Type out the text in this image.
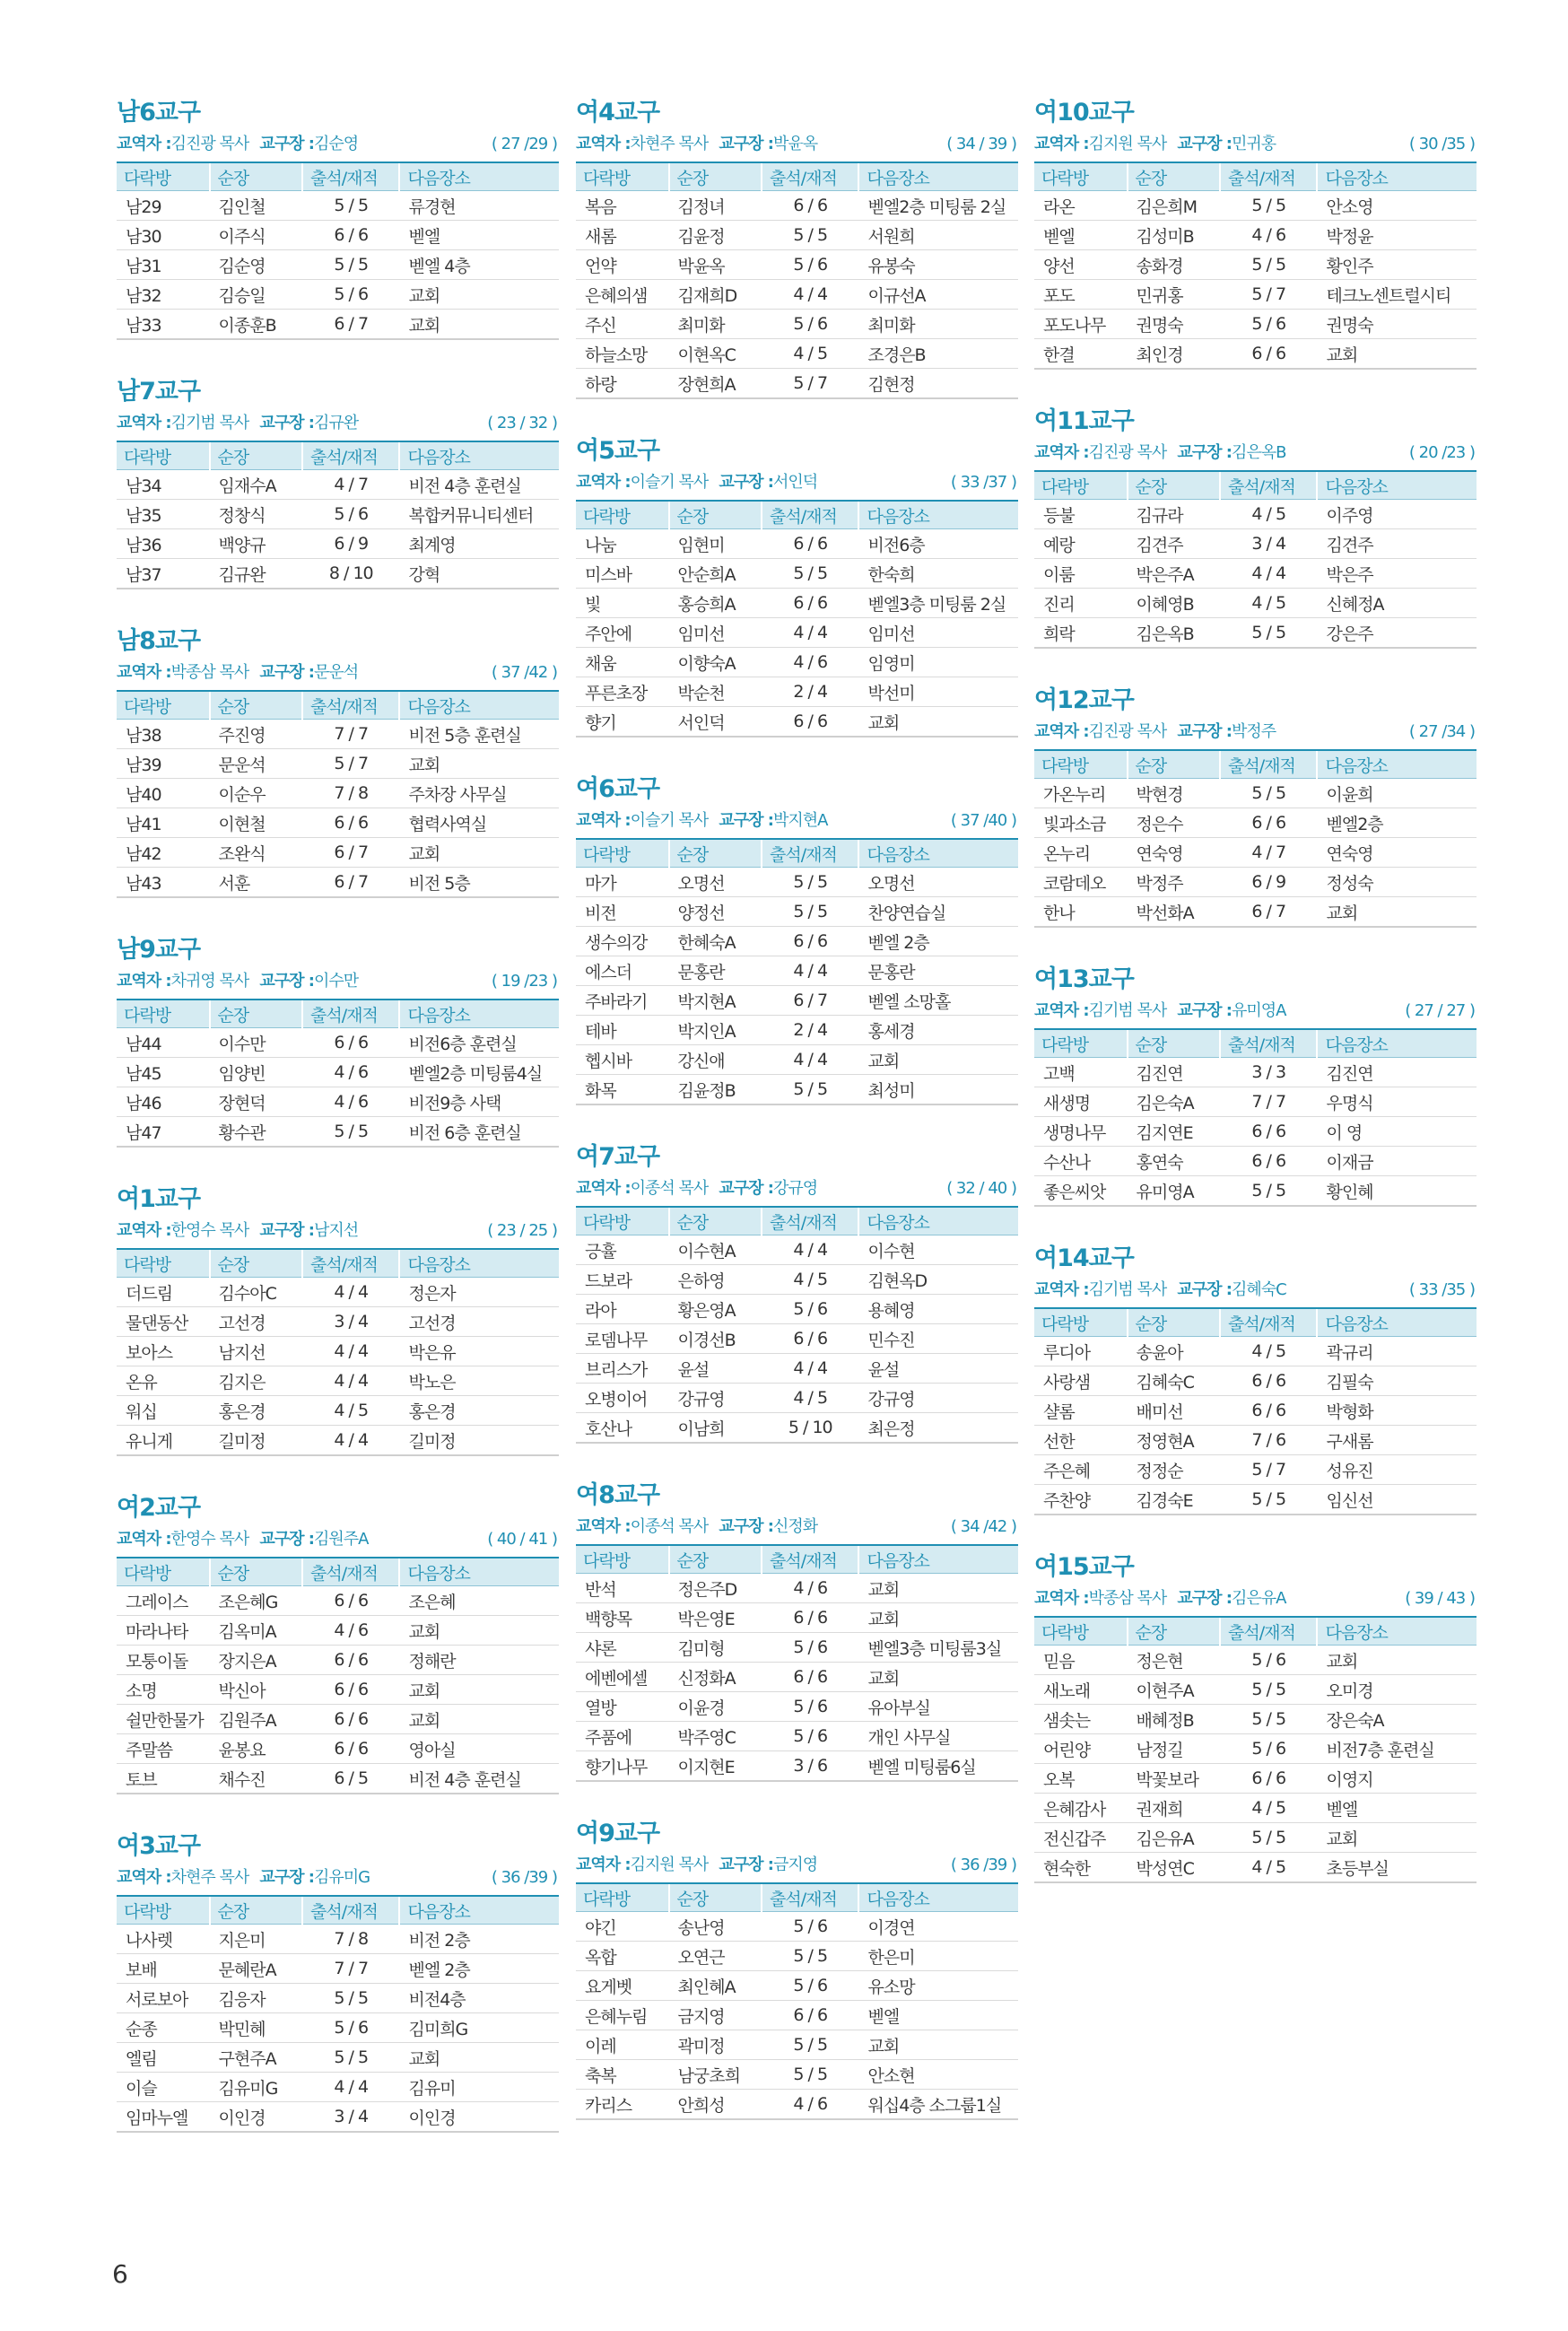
남6교구
교역자 :김진광 목사 교구장 :김순영	( 27 /29 )
다락방	순장	출석/재적	다음장소
남29	김인철	5 / 5	류경현
남30	이주식	6 / 6	벧엘
남31	김순영	5 / 5	벧엘 4층
남32	김승일	5 / 6	교회
남33	이종훈B	6 / 7	교회
남7교구
교역자 :김기범 목사 교구장 :김규완	( 23 / 32 )
다락방	순장	출석/재적	다음장소
남34	임재수A	4 / 7	비전 4층 훈련실
남35	정창식	5 / 6	복합커뮤니티센터
남36	백양규	6 / 9	최계영
남37	김규완	8 / 10	강혁
남8교구
교역자 :박종삼 목사 교구장 :문운석	( 37 /42 )
다락방	순장	출석/재적	다음장소
남38	주진영	7 / 7	비전 5층 훈련실
남39	문운석	5 / 7	교회
남40	이순우	7 / 8	주차장 사무실
남41	이현철	6 / 6	협력사역실
남42	조완식	6 / 7	교회
남43	서훈	6 / 7	비전 5층
남9교구
교역자 :차귀영 목사 교구장 :이수만	( 19 /23 )
다락방	순장	출석/재적	다음장소
남44	이수만	6 / 6	비전6층 훈련실
남45	임양빈	4 / 6	벧엘2층 미팅룸4실
남46	장현덕	4 / 6	비전9층 사택
남47	황수관	5 / 5	비전 6층 훈련실
여1교구
교역자 :한영수 목사 교구장 :남지선	( 23 / 25 )
다락방	순장	출석/재적	다음장소
더드림	김수아C	4 / 4	정은자
물댄동산	고선경	3 / 4	고선경
보아스	남지선	4 / 4	박은유
온유	김지은	4 / 4	박노은
워십	홍은경	4 / 5	홍은경
유니게	길미정	4 / 4	길미정
여2교구
교역자 :한영수 목사 교구장 :김원주A	( 40 / 41 )
다락방	순장	출석/재적	다음장소
그레이스	조은혜G	6 / 6	조은혜
마라나타	김옥미A	4 / 6	교회
모퉁이돌	장지은A	6 / 6	정해란
소명	박신아	6 / 6	교회
쉴만한물가	김원주A	6 / 6	교회
주말씀	윤봉요	6 / 6	영아실
토브	채수진	6 / 5	비전 4층 훈련실
여3교구
교역자 :차현주 목사 교구장 :김유미G	( 36 /39 )
다락방	순장	출석/재적	다음장소
나사렛	지은미	7 / 8	비전 2층
보배	문혜란A	7 / 7	벧엘 2층
서로보아	김응자	5 / 5	비전4층
순종	박민혜	5 / 6	김미희G
엘림	구현주A	5 / 5	교회
이슬	김유미G	4 / 4	김유미
임마누엘	이인경	3 / 4	이인경
여4교구
교역자 :차현주 목사 교구장 :박윤옥	( 34 / 39 )
다락방	순장	출석/재적	다음장소
복음	김정녀	6 / 6	벧엘2층 미팅룸 2실
새롬	김윤정	5 / 5	서원희
언약	박윤옥	5 / 6	유봉숙
은혜의샘	김재희D	4 / 4	이규선A
주신	최미화	5 / 6	최미화
하늘소망	이현옥C	4 / 5	조경은B
하랑	장현희A	5 / 7	김현정
여5교구
교역자 :이슬기 목사 교구장 :서인덕	( 33 /37 )
다락방	순장	출석/재적	다음장소
나눔	임현미	6 / 6	비전6층
미스바	안순희A	5 / 5	한숙희
빛	홍승희A	6 / 6	벧엘3층 미팅룸 2실
주안에	임미선	4 / 4	임미선
채움	이향숙A	4 / 6	임영미
푸른초장	박순천	2 / 4	박선미
향기	서인덕	6 / 6	교회
여6교구
교역자 :이슬기 목사 교구장 :박지현A	( 37 /40 )
다락방	순장	출석/재적	다음장소
마가	오명선	5 / 5	오명선
비전	양정선	5 / 5	찬양연습실
생수의강	한혜숙A	6 / 6	벧엘 2층
에스더	문홍란	4 / 4	문홍란
주바라기	박지현A	6 / 7	벧엘 소망홀
테바	박지인A	2 / 4	홍세경
헵시바	강신애	4 / 4	교회
화목	김윤정B	5 / 5	최성미
여7교구
교역자 :이종석 목사 교구장 :강규영	( 32 / 40 )
다락방	순장	출석/재적	다음장소
긍휼	이수현A	4 / 4	이수현
드보라	은하영	4 / 5	김현옥D
라아	황은영A	5 / 6	용혜영
로뎀나무	이경선B	6 / 6	민수진
브리스가	윤설	4 / 4	윤설
오병이어	강규영	4 / 5	강규영
호산나	이남희	5 / 10	최은정
여8교구
교역자 :이종석 목사 교구장 :신정화	( 34 /42 )
다락방	순장	출석/재적	다음장소
반석	정은주D	4 / 6	교회
백향목	박은영E	6 / 6	교회
샤론	김미형	5 / 6	벧엘3층 미팅룸3실
에벤에셀	신정화A	6 / 6	교회
열방	이윤경	5 / 6	유아부실
주품에	박주영C	5 / 6	개인 사무실
향기나무	이지현E	3 / 6	벧엘 미팅룸6실
여9교구
교역자 :김지원 목사 교구장 :금지영	( 36 /39 )
다락방	순장	출석/재적	다음장소
야긴	송난영	5 / 6	이경연
옥합	오연근	5 / 5	한은미
요게벳	최인혜A	5 / 6	유소망
은혜누림	금지영	6 / 6	벧엘
이레	곽미정	5 / 5	교회
축복	남궁초희	5 / 5	안소현
카리스	안희성	4 / 6	워십4층 소그룹1실
여10교구
교역자 :김지원 목사 교구장 :민귀홍	( 30 /35 )
다락방	순장	출석/재적	다음장소
라온	김은희M	5 / 5	안소영
벧엘	김성미B	4 / 6	박정윤
양선	송화경	5 / 5	황인주
포도	민귀홍	5 / 7	테크노센트럴시티
포도나무	권명숙	5 / 6	권명숙
한결	최인경	6 / 6	교회
여11교구
교역자 :김진광 목사 교구장 :김은옥B	( 20 /23 )
다락방	순장	출석/재적	다음장소
등불	김규라	4 / 5	이주영
예랑	김견주	3 / 4	김견주
이룸	박은주A	4 / 4	박은주
진리	이혜영B	4 / 5	신혜정A
희락	김은옥B	5 / 5	강은주
여12교구
교역자 :김진광 목사 교구장 :박정주	( 27 /34 )
다락방	순장	출석/재적	다음장소
가온누리	박현경	5 / 5	이윤희
빛과소금	정은수	6 / 6	벧엘2층
온누리	연숙영	4 / 7	연숙영
코람데오	박정주	6 / 9	정성숙
한나	박선화A	6 / 7	교회
여13교구
교역자 :김기범 목사 교구장 :유미영A	( 27 / 27 )
다락방	순장	출석/재적	다음장소
고백	김진연	3 / 3	김진연
새생명	김은숙A	7 / 7	우명식
생명나무	김지연E	6 / 6	이 영
수산나	홍연숙	6 / 6	이재금
좋은씨앗	유미영A	5 / 5	황인혜
여14교구
교역자 :김기범 목사 교구장 :김혜숙C	( 33 /35 )
다락방	순장	출석/재적	다음장소
루디아	송윤아	4 / 5	곽규리
사랑샘	김혜숙C	6 / 6	김필숙
샬롬	배미선	6 / 6	박형화
선한	정영현A	7 / 6	구새롬
주은혜	정정순	5 / 7	성유진
주찬양	김경숙E	5 / 5	임신선
여15교구
교역자 :박종삼 목사 교구장 :김은유A	( 39 / 43 )
다락방	순장	출석/재적	다음장소
믿음	정은현	5 / 6	교회
새노래	이현주A	5 / 5	오미경
샘솟는	배혜정B	5 / 5	장은숙A
어린양	남정길	5 / 6	비전7층 훈련실
오복	박꽃보라	6 / 6	이영지
은혜감사	권재희	4 / 5	벧엘
전신갑주	김은유A	5 / 5	교회
현숙한	박성연C	4 / 5	초등부실
6
